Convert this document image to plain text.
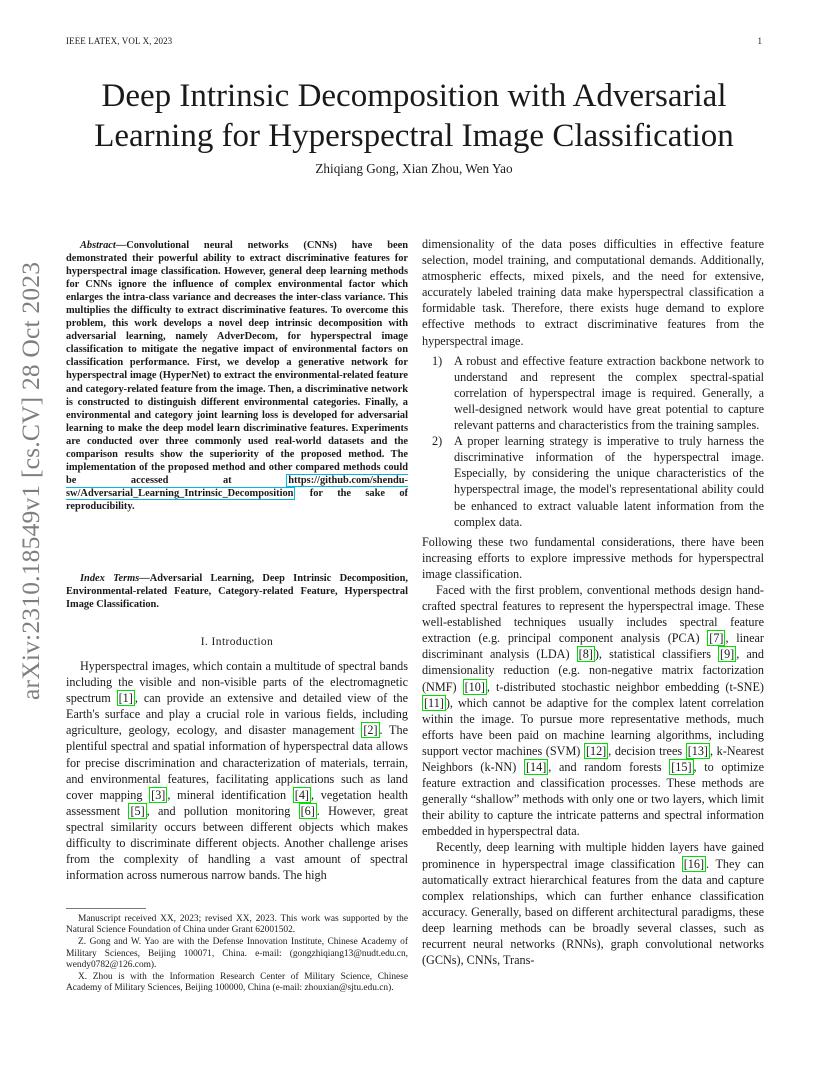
IEEE LATEX, VOL X, 2023	1
arXiv:2310.18549v1 [cs.CV] 28 Oct 2023
Deep Intrinsic Decomposition with Adversarial
Learning for Hyperspectral Image Classification
Zhiqiang Gong, Xian Zhou, Wen Yao
Abstract—Convolutional neural networks (CNNs) have been demonstrated their powerful ability to extract discriminative features for hyperspectral image classification. However, general deep learning methods for CNNs ignore the influence of complex environmental factor which enlarges the intra-class variance and decreases the inter-class variance. This multiplies the difficulty to extract discriminative features. To overcome this problem, this work develops a novel deep intrinsic decomposition with adversarial learning, namely AdverDecom, for hyperspectral image classification to mitigate the negative impact of environmental factors on classification performance. First, we develop a generative network for hyperspectral image (HyperNet) to extract the environmental-related feature and category-related feature from the image. Then, a discriminative network is constructed to distinguish different environmental categories. Finally, a environmental and category joint learning loss is developed for adversarial learning to make the deep model learn discriminative features. Experiments are conducted over three commonly used real-world datasets and the comparison results show the superiority of the proposed method. The implementation of the proposed method and other compared methods could be accessed at https://github.com/shendu-sw/Adversarial_Learning_Intrinsic_Decomposition for the sake of reproducibility.
Index Terms—Adversarial Learning, Deep Intrinsic Decomposition, Environmental-related Feature, Category-related Feature, Hyperspectral Image Classification.
I. Introduction

Hyperspectral images, which contain a multitude of spectral bands including the visible and non-visible parts of the electromagnetic spectrum [1] , can provide an extensive and detailed view of the Earth's surface and play a crucial role in various fields, including agriculture, geology, ecology, and disaster management [2] . The plentiful spectral and spatial information of hyperspectral data allows for precise discrimination and characterization of materials, terrain, and environmental features, facilitating applications such as land cover mapping [3] , mineral identification [4] , vegetation health assessment [5] , and pollution monitoring [6] . However, great spectral similarity occurs between different objects which makes difficulty to discriminate different objects. Another challenge arises from the complexity of handling a vast amount of spectral information across numerous narrow bands. The high

Manuscript received XX, 2023; revised XX, 2023. This work was supported by the Natural Science Foundation of China under Grant 62001502.

Z. Gong and W. Yao are with the Defense Innovation Institute, Chinese Academy of Military Sciences, Beijing 100071, China. e-mail: (gongzhiqiang13@nudt.edu.cn, wendy0782@126.com).

X. Zhou is with the Information Research Center of Military Science, Chinese Academy of Military Sciences, Beijing 100000, China (e-mail: zhouxian@sjtu.edu.cn).

dimensionality of the data poses difficulties in effective feature selection, model training, and computational demands. Additionally, atmospheric effects, mixed pixels, and the need for extensive, accurately labeled training data make hyperspectral classification a formidable task. Therefore, there exists huge demand to explore effective methods to extract discriminative features from the hyperspectral image.

1) A robust and effective feature extraction backbone network to understand and represent the complex spectral-spatial correlation of hyperspectral image is required. Generally, a well-designed network would have great potential to capture relevant patterns and characteristics from the training samples.
2) A proper learning strategy is imperative to truly harness the discriminative information of the hyperspectral image. Especially, by considering the unique characteristics of the hyperspectral image, the model's representational ability could be enhanced to extract valuable latent information from the complex data.

Following these two fundamental considerations, there have been increasing efforts to explore impressive methods for hyperspectral image classification.

Faced with the first problem, conventional methods design hand-crafted spectral features to represent the hyperspectral image. These well-established techniques usually includes spectral feature extraction (e.g. principal component analysis (PCA) [7] , linear discriminant analysis (LDA) [8] ), statistical classifiers [9] , and dimensionality reduction (e.g. non-negative matrix factorization (NMF) [10] , t-distributed stochastic neighbor embedding (t-SNE) [11] ), which cannot be adaptive for the complex latent correlation within the image. To pursue more representative methods, much efforts have been paid on machine learning algorithms, including support vector machines (SVM) [12] , decision trees [13] , k-Nearest Neighbors (k-NN) [14] , and random forests [15] , to optimize feature extraction and classification processes. These methods are generally “shallow” methods with only one or two layers, which limit their ability to capture the intricate patterns and spectral information embedded in hyperspectral data.

Recently, deep learning with multiple hidden layers have gained prominence in hyperspectral image classification [16] . They can automatically extract hierarchical features from the data and capture complex relationships, which can further enhance classification accuracy. Generally, based on different architectural paradigms, these deep learning methods can be broadly several classes, such as recurrent neural networks (RNNs), graph convolutional networks (GCNs), CNNs, Trans-
